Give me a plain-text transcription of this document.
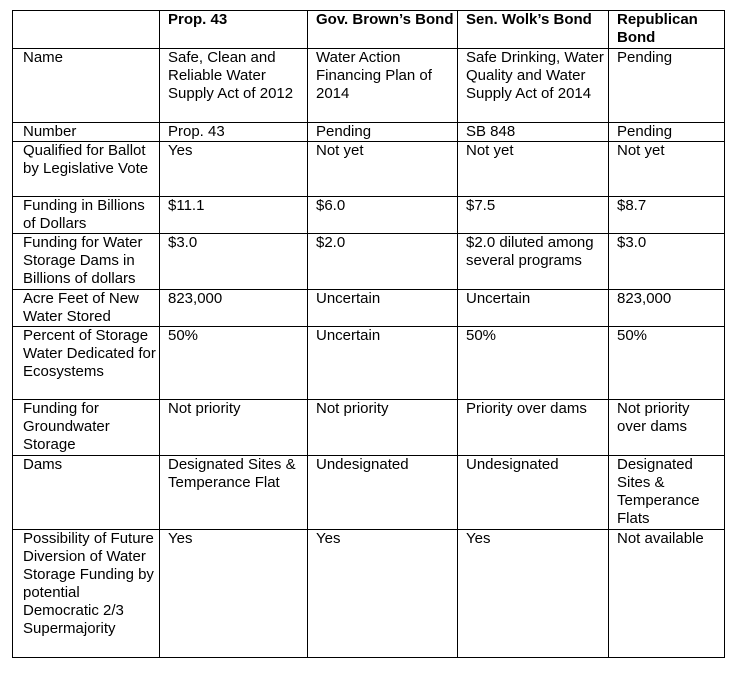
	Prop. 43	Gov. Brown’s Bond	Sen. Wolk’s Bond	Republican Bond
Name	Safe, Clean and Reliable Water Supply Act of 2012	Water Action Financing Plan of 2014	Safe Drinking, Water Quality and Water Supply Act of 2014	Pending
Number	Prop. 43	Pending	SB 848	Pending
Qualified for Ballot by Legislative Vote	Yes	Not yet	Not yet	Not yet
Funding in Billions of Dollars	$11.1	$6.0	$7.5	$8.7
Funding for Water Storage Dams in Billions of dollars	$3.0	$2.0	$2.0 diluted among several programs	$3.0
Acre Feet of New Water Stored	823,000	Uncertain	Uncertain	823,000
Percent of Storage Water Dedicated for Ecosystems	50%	Uncertain	50%	50%
Funding for Groundwater Storage	Not priority	Not priority	Priority over dams	Not priority over dams
Dams	Designated Sites & Temperance Flat	Undesignated	Undesignated	Designated Sites & Temperance Flats
Possibility of Future Diversion of Water Storage Funding by potential Democratic 2/3 Supermajority	Yes	Yes	Yes	Not available
